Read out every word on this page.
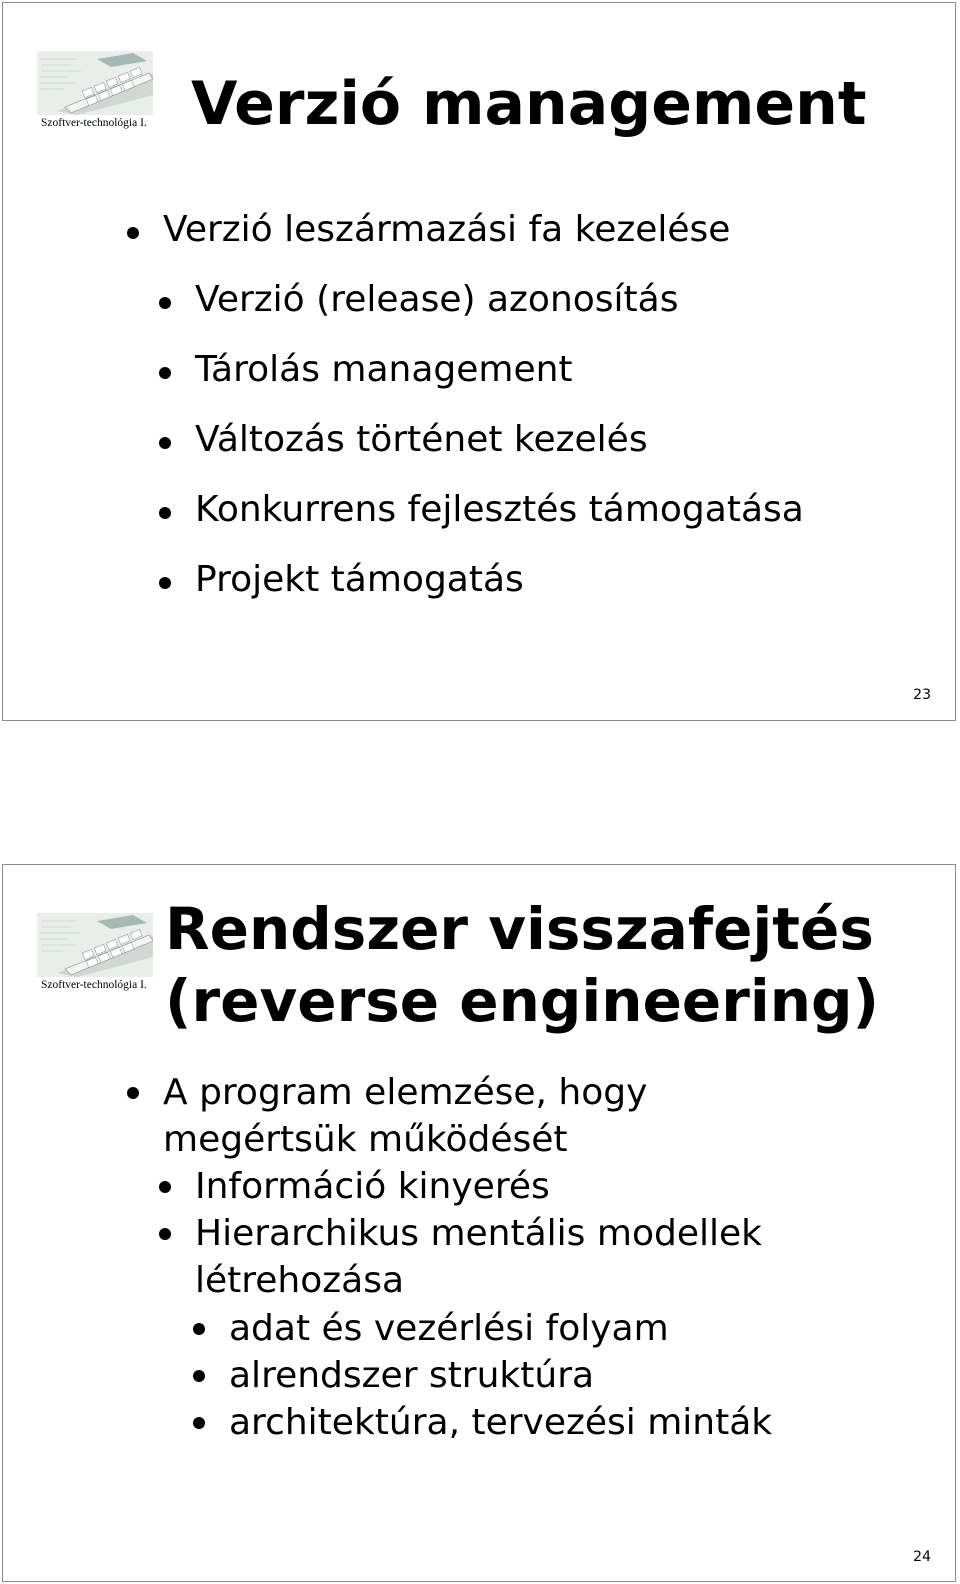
Szoftver-technológia I. Verzió management
Verzió leszármazási fa kezelése
Verzió (release) azonosítás
Tárolás management
Változás történet kezelés
Konkurrens fejlesztés támogatása
Projekt támogatás
23
Szoftver-technológia I.
Rendszer visszafejtés
(reverse engineering)
A program elemzése, hogy
megértsük működését
Információ kinyerés
Hierarchikus mentális modellek
létrehozása
adat és vezérlési folyam
alrendszer struktúra
architektúra, tervezési minták
24
